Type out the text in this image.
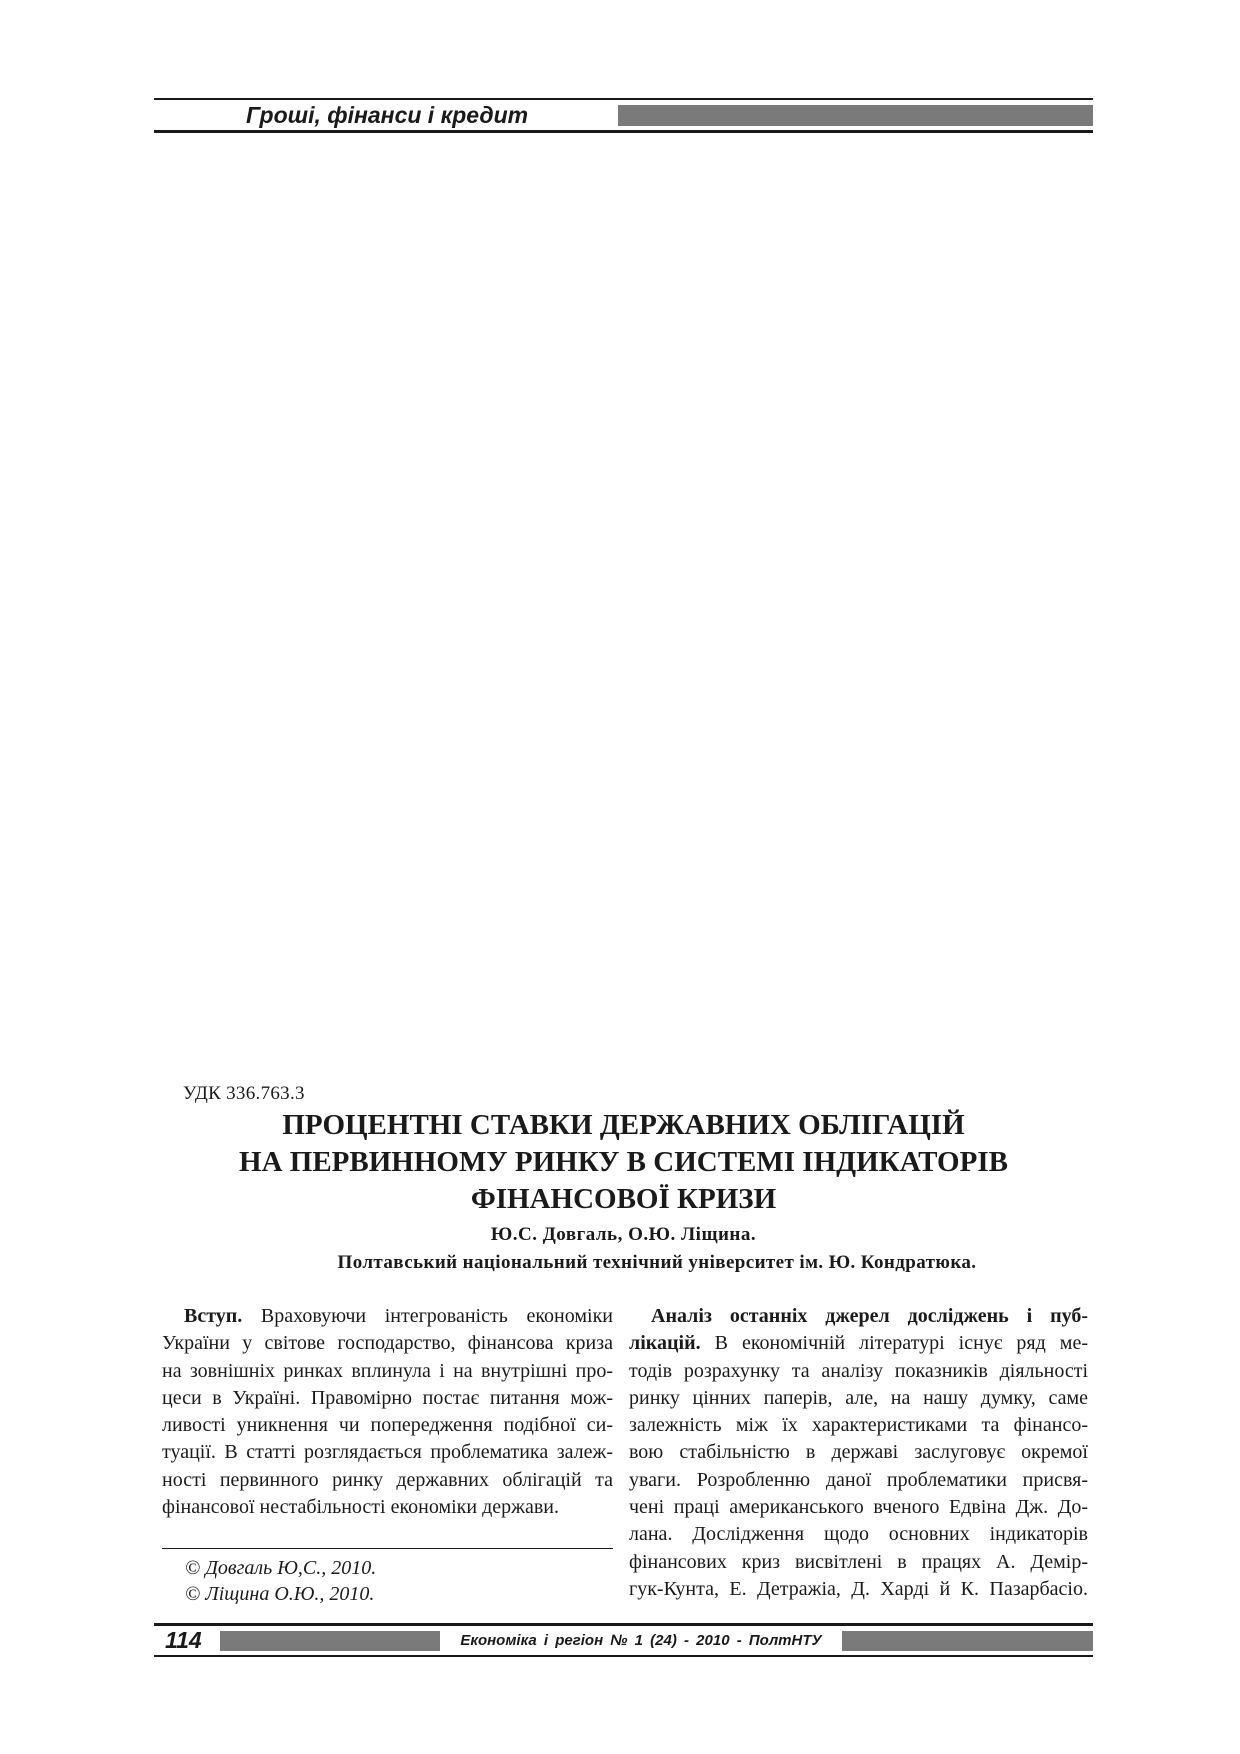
Гроші, фінанси і кредит
УДК 336.763.3
ПРОЦЕНТНІ СТАВКИ ДЕРЖАВНИХ ОБЛІГАЦІЙ
НА ПЕРВИННОМУ РИНКУ В СИСТЕМІ ІНДИКАТОРІВ
ФІНАНСОВОЇ КРИЗИ
Ю.С. Довгаль, О.Ю. Ліщина.
Полтавський національний технічний університет ім. Ю. Кондратюка.
Вступ. Враховуючи інтегрованість економіки
України у світове господарство, фінансова криза
на зовнішніх ринках вплинула і на внутрішні про-
цеси в Україні. Правомірно постає питання мож-
ливості уникнення чи попередження подібної си-
туації. В статті розглядається проблематика залеж-
ності первинного ринку державних облігацій та
фінансової нестабільності економіки держави.
Аналіз останніх джерел досліджень і пуб-
лікацій. В економічній літературі існує ряд ме-
тодів розрахунку та аналізу показників діяльності
ринку цінних паперів, але, на нашу думку, саме
залежність між їх характеристиками та фінансо-
вою стабільністю в державі заслуговує окремої
уваги. Розробленню даної проблематики присвя-
чені праці американського вченого Едвіна Дж. До-
лана. Дослідження щодо основних індикаторів
фінансових криз висвітлені в працях А. Деміp-
гук-Кунта, Е. Детражіа, Д. Харді й К. Пазарбасіо.
© Довгаль Ю,С., 2010.
© Ліщина О.Ю., 2010.
114	Економіка і регіон № 1 (24) - 2010 - ПолтНТУ
